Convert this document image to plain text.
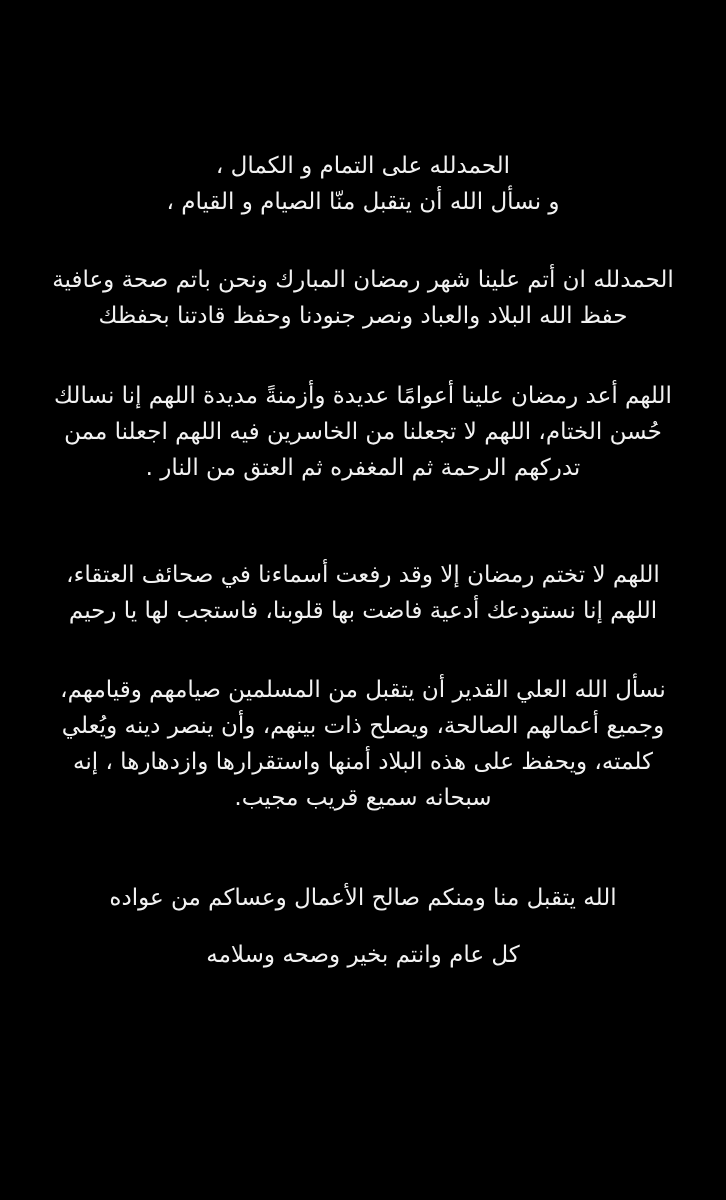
الحمدلله على التمام و الكمال ،
و نسأل الله أن يتقبل منّا الصيام و القيام ،
الحمدلله ان أتم علينا شهر رمضان المبارك ونحن باتم صحة وعافية
حفظ الله البلاد والعباد ونصر جنودنا وحفظ قادتنا بحفظك
اللهم أعد رمضان علينا أعوامًا عديدة وأزمنةً مديدة اللهم إنا نسالك
حُسن الختام، اللهم لا تجعلنا من الخاسرين فيه اللهم اجعلنا ممن
تدركهم الرحمة ثم المغفره ثم العتق من النار .
اللهم لا تختم رمضان إلا وقد رفعت أسماءنا في صحائف العتقاء،
اللهم إنا نستودعك أدعية فاضت بها قلوبنا، فاستجب لها يا رحيم
نسأل الله العلي القدير أن يتقبل من المسلمين صيامهم وقيامهم،
وجميع أعمالهم الصالحة، ويصلح ذات بينهم، وأن ينصر دينه ويُعلي
كلمته، ويحفظ على هذه البلاد أمنها واستقرارها وازدهارها ، إنه
سبحانه سميع قريب مجيب.
الله يتقبل منا ومنكم صالح الأعمال وعساكم من عواده
كل عام وانتم بخير وصحه وسلامه
